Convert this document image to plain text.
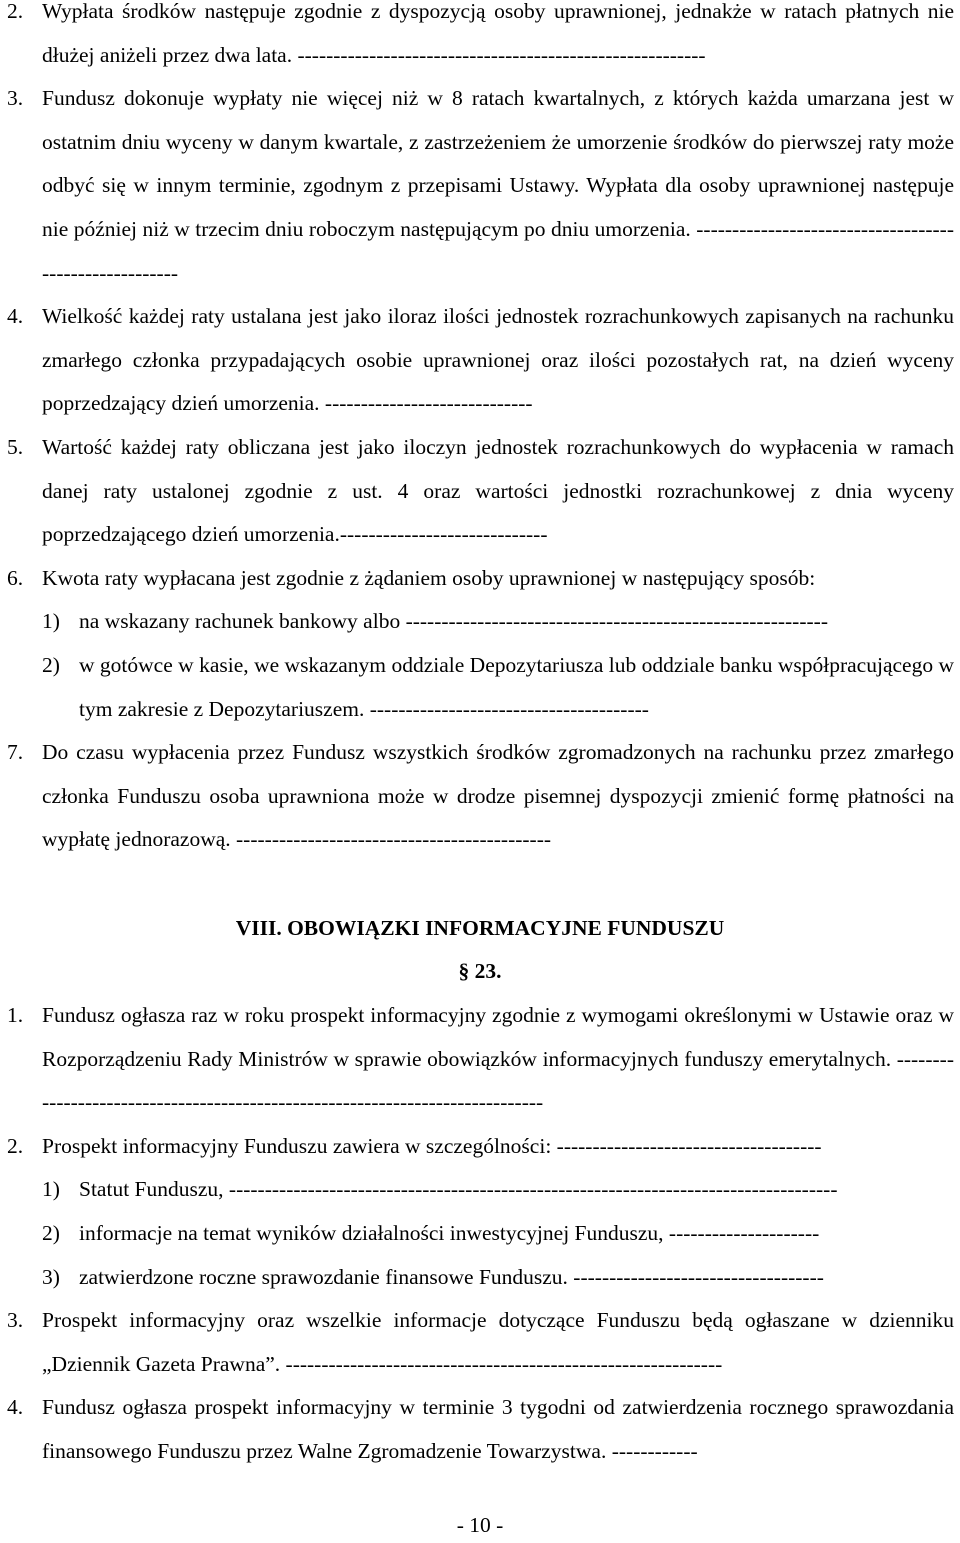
2. Wypłata środków następuje zgodnie z dyspozycją osoby uprawnionej, jednakże w ratach płatnych nie dłużej aniżeli przez dwa lata. ---------------------------------------------------------
3. Fundusz dokonuje wypłaty nie więcej niż w 8 ratach kwartalnych, z których każda umarzana jest w ostatnim dniu wyceny w danym kwartale, z zastrzeżeniem że umorzenie środków do pierwszej raty może odbyć się w innym terminie, zgodnym z przepisami Ustawy. Wypłata dla osoby uprawnionej następuje nie później niż w trzecim dniu roboczym następującym po dniu umorzenia. -------------------------------------------------------
4. Wielkość każdej raty ustalana jest jako iloraz ilości jednostek rozrachunkowych zapisanych na rachunku zmarłego członka przypadających osobie uprawnionej oraz ilości pozostałych rat, na dzień wyceny poprzedzający dzień umorzenia. -----------------------------
5. Wartość każdej raty obliczana jest jako iloczyn jednostek rozrachunkowych do wypłacenia w ramach danej raty ustalonej zgodnie z ust. 4 oraz wartości jednostki rozrachunkowej z dnia wyceny poprzedzającego dzień umorzenia.-----------------------------
6. Kwota raty wypłacana jest zgodnie z żądaniem osoby uprawnionej w następujący sposób:
1) na wskazany rachunek bankowy albo -----------------------------------------------------------
2) w gotówce w kasie, we wskazanym oddziale Depozytariusza lub oddziale banku współpracującego w tym zakresie z Depozytariuszem. ---------------------------------------
7. Do czasu wypłacenia przez Fundusz wszystkich środków zgromadzonych na rachunku przez zmarłego członka Funduszu osoba uprawniona może w drodze pisemnej dyspozycji zmienić formę płatności na wypłatę jednorazową. --------------------------------------------
VIII. OBOWIĄZKI INFORMACYJNE FUNDUSZU
§ 23.
1. Fundusz ogłasza raz w roku prospekt informacyjny zgodnie z wymogami określonymi w Ustawie oraz w Rozporządzeniu Rady Ministrów w sprawie obowiązków informacyjnych funduszy emerytalnych. ------------------------------------------------------------------------------
2. Prospekt informacyjny Funduszu zawiera w szczególności: -------------------------------------
1) Statut Funduszu, -------------------------------------------------------------------------------------
2) informacje na temat wyników działalności inwestycyjnej Funduszu, ---------------------
3) zatwierdzone roczne sprawozdanie finansowe Funduszu. -----------------------------------
3. Prospekt informacyjny oraz wszelkie informacje dotyczące Funduszu będą ogłaszane w dzienniku „Dziennik Gazeta Prawna”. -------------------------------------------------------------
4. Fundusz ogłasza prospekt informacyjny w terminie 3 tygodni od zatwierdzenia rocznego sprawozdania finansowego Funduszu przez Walne Zgromadzenie Towarzystwa. ------------
- 10 -
